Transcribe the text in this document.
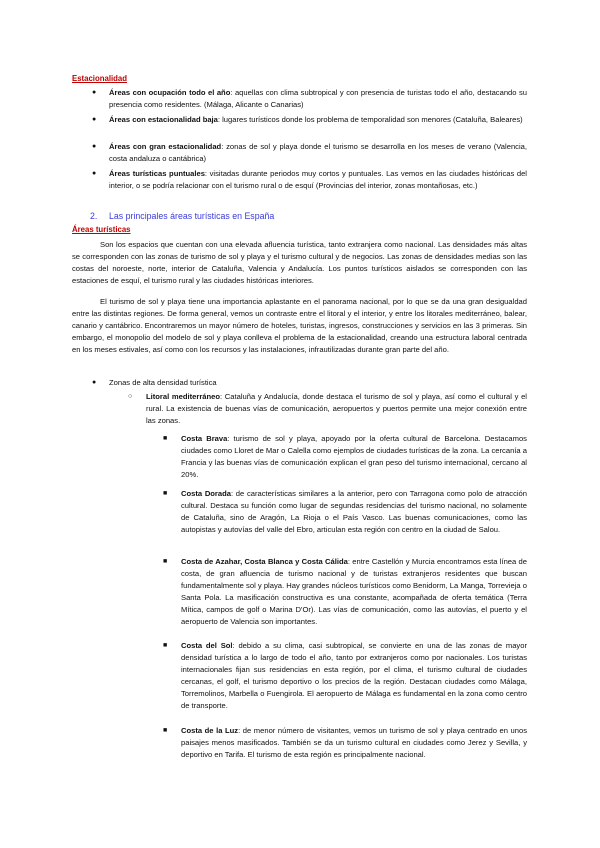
Estacionalidad
● Áreas con ocupación todo el año: aquellas con clima subtropical y con presencia de turistas todo el año, destacando su presencia como residentes. (Málaga, Alicante o Canarias)

● Áreas con estacionalidad baja: lugares turísticos donde los problema de temporalidad son menores (Cataluña, Baleares)

● Áreas con gran estacionalidad: zonas de sol y playa donde el turismo se desarrolla en los meses de verano (Valencia, costa andaluza o cantábrica)

● Áreas turísticas puntuales: visitadas durante periodos muy cortos y puntuales. Las vemos en las ciudades históricas del interior, o se podría relacionar con el turismo rural o de esquí (Provincias del interior, zonas montañosas, etc.)

2. Las principales áreas turísticas en España
Áreas turísticas

Son los espacios que cuentan con una elevada afluencia turística, tanto extranjera como nacional. Las densidades más altas se corresponden con las zonas de turismo de sol y playa y el turismo cultural y de negocios. Las zonas de densidades medias son las costas del noroeste, norte, interior de Cataluña, Valencia y Andalucía. Los puntos turísticos aislados se corresponden con las estaciones de esquí, el turismo rural y las ciudades históricas interiores.

El turismo de sol y playa tiene una importancia aplastante en el panorama nacional, por lo que se da una gran desigualdad entre las distintas regiones. De forma general, vemos un contraste entre el litoral y el interior, y entre los litorales mediterráneo, balear, canario y cantábrico. Encontraremos un mayor número de hoteles, turistas, ingresos, construcciones y servicios en las 3 primeras. Sin embargo, el monopolio del modelo de sol y playa conlleva el problema de la estacionalidad, creando una estructura laboral centrada en los meses estivales, así como con los recursos y las instalaciones, infrautilizadas durante gran parte del año.

● Zonas de alta densidad turística

○ Litoral mediterráneo: Cataluña y Andalucía, donde destaca el turismo de sol y playa, así como el cultural y el rural. La existencia de buenas vías de comunicación, aeropuertos y puertos permite una mejor conexión entre las zonas.

■ Costa Brava: turismo de sol y playa, apoyado por la oferta cultural de Barcelona. Destacamos ciudades como Lloret de Mar o Calella como ejemplos de ciudades turísticas de la zona. La cercanía a Francia y las buenas vías de comunicación explican el gran peso del turismo internacional, cercano al 20%.

■ Costa Dorada: de características similares a la anterior, pero con Tarragona como polo de atracción cultural. Destaca su función como lugar de segundas residencias del turismo nacional, no solamente de Cataluña, sino de Aragón, La Rioja o el País Vasco. Las buenas comunicaciones, como las autopistas y autovías del valle del Ebro, articulan esta región con centro en la ciudad de Salou.

■ Costa de Azahar, Costa Blanca y Costa Cálida: entre Castellón y Murcia encontramos esta línea de costa, de gran afluencia de turismo nacional y de turistas extranjeros residentes que buscan fundamentalmente sol y playa. Hay grandes núcleos turísticos como Benidorm, La Manga, Torrevieja o Santa Pola. La masificación constructiva es una constante, acompañada de oferta temática (Terra Mítica, campos de golf o Marina D'Or). Las vías de comunicación, como las autovías, el puerto y el aeropuerto de Valencia son importantes.

■ Costa del Sol: debido a su clima, casi subtropical, se convierte en una de las zonas de mayor densidad turística a lo largo de todo el año, tanto por extranjeros como por nacionales. Los turistas internacionales fijan sus residencias en esta región, por el clima, el turismo cultural de ciudades cercanas, el golf, el turismo deportivo o los precios de la región. Destacan ciudades como Málaga, Torremolinos, Marbella o Fuengirola. El aeropuerto de Málaga es fundamental en la zona como centro de transporte.

■ Costa de la Luz: de menor número de visitantes, vemos un turismo de sol y playa centrado en unos paisajes menos masificados. También se da un turismo cultural en ciudades como Jerez y Sevilla, y deportivo en Tarifa. El turismo de esta región es principalmente nacional.
